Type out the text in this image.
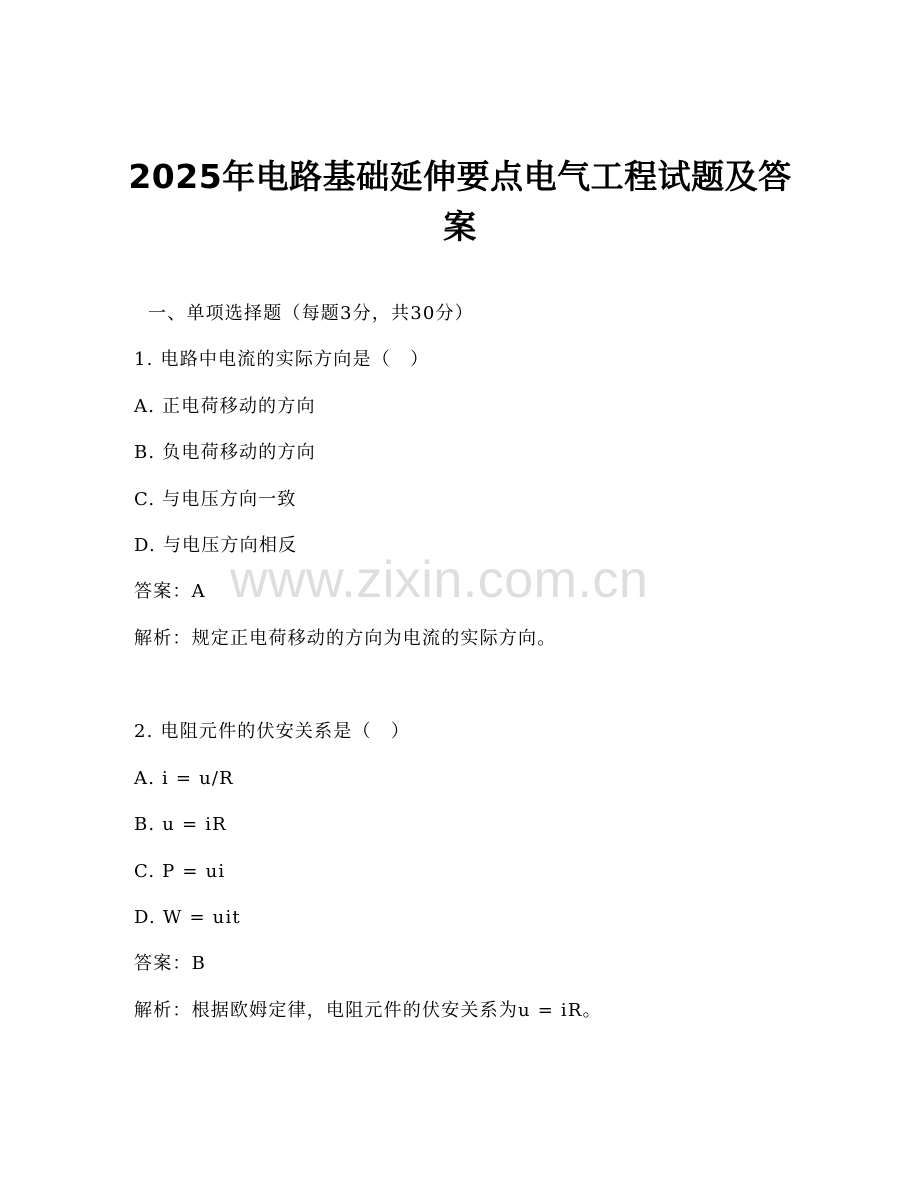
2025年电路基础延伸要点电气工程试题及答案
一、单项选择题（每题3分，共30分）
1. 电路中电流的实际方向是（　）
A. 正电荷移动的方向
B. 负电荷移动的方向
C. 与电压方向一致
D. 与电压方向相反
答案：A
解析：规定正电荷移动的方向为电流的实际方向。
2. 电阻元件的伏安关系是（　）
A. i = u/R
B. u = iR
C. P = ui
D. W = uit
答案：B
解析：根据欧姆定律，电阻元件的伏安关系为u = iR。
www.zixin.com.cn
